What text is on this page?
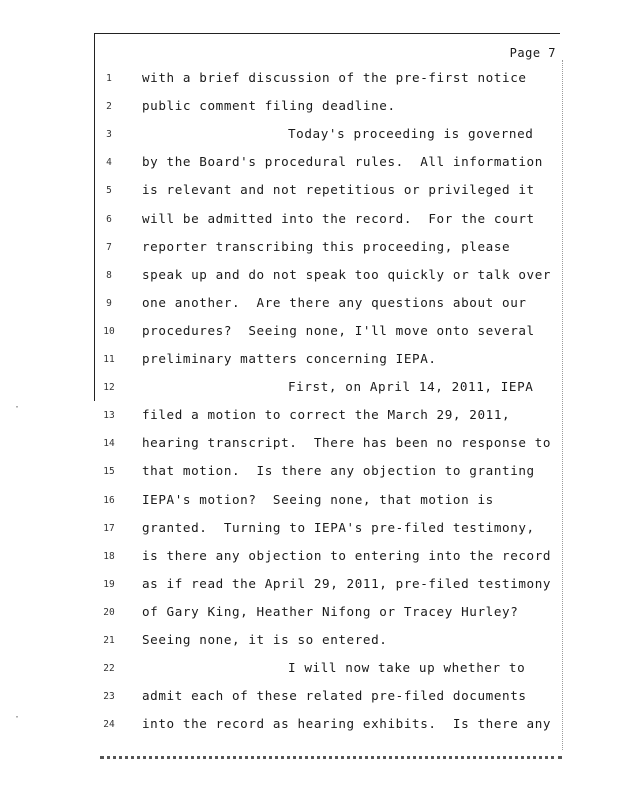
Page 7
1	with a brief discussion of the pre-first notice
2	public comment filing deadline.
3	Today's proceeding is governed
4	by the Board's procedural rules.  All information
5	is relevant and not repetitious or privileged it
6	will be admitted into the record.  For the court
7	reporter transcribing this proceeding, please
8	speak up and do not speak too quickly or talk over
9	one another.  Are there any questions about our
10	procedures?  Seeing none, I'll move onto several
11	preliminary matters concerning IEPA.
12	First, on April 14, 2011, IEPA
13	filed a motion to correct the March 29, 2011,
14	hearing transcript.  There has been no response to
15	that motion.  Is there any objection to granting
16	IEPA's motion?  Seeing none, that motion is
17	granted.  Turning to IEPA's pre-filed testimony,
18	is there any objection to entering into the record
19	as if read the April 29, 2011, pre-filed testimony
20	of Gary King, Heather Nifong or Tracey Hurley?
21	Seeing none, it is so entered.
22	I will now take up whether to
23	admit each of these related pre-filed documents
24	into the record as hearing exhibits.  Is there any
·
·
